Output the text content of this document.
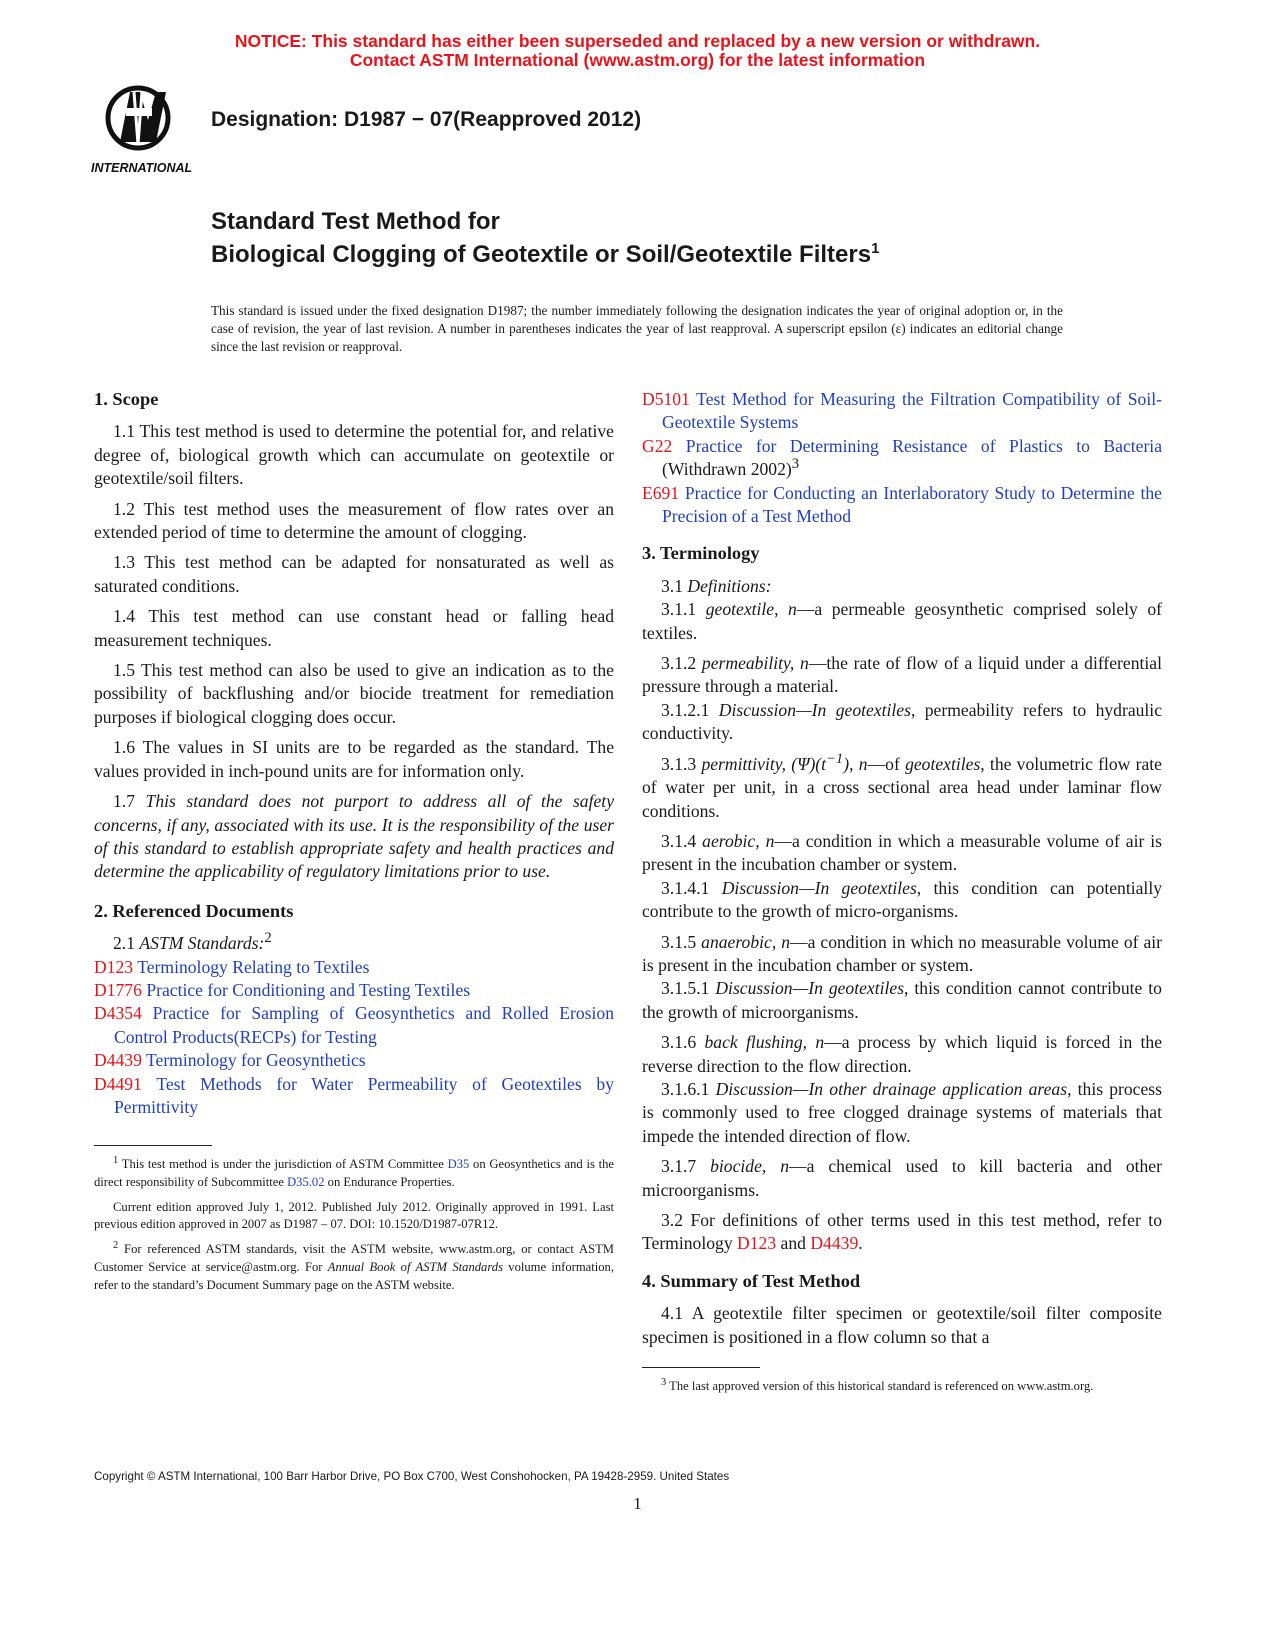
NOTICE: This standard has either been superseded and replaced by a new version or withdrawn.
Contact ASTM International (www.astm.org) for the latest information
INTERNATIONAL
Designation: D1987 − 07(Reapproved 2012)
Standard Test Method for
Biological Clogging of Geotextile or Soil/Geotextile Filters$^1$
This standard is issued under the fixed designation D1987; the number immediately following the designation indicates the year of original adoption or, in the case of revision, the year of last revision. A number in parentheses indicates the year of last reapproval. A superscript epsilon (ε) indicates an editorial change since the last revision or reapproval.
1. Scope

1.1 This test method is used to determine the potential for, and relative degree of, biological growth which can accumulate on geotextile or geotextile/soil filters.

1.2 This test method uses the measurement of flow rates over an extended period of time to determine the amount of clogging.

1.3 This test method can be adapted for nonsaturated as well as saturated conditions.

1.4 This test method can use constant head or falling head measurement techniques.

1.5 This test method can also be used to give an indication as to the possibility of backflushing and/or biocide treatment for remediation purposes if biological clogging does occur.

1.6 The values in SI units are to be regarded as the standard. The values provided in inch-pound units are for information only.

1.7 This standard does not purport to address all of the safety concerns, if any, associated with its use. It is the responsibility of the user of this standard to establish appropriate safety and health practices and determine the applicability of regulatory limitations prior to use.

2. Referenced Documents

2.1 ASTM Standards:$^2$

D123 Terminology Relating to Textiles
D1776 Practice for Conditioning and Testing Textiles
D4354 Practice for Sampling of Geosynthetics and Rolled Erosion Control Products(RECPs) for Testing
D4439 Terminology for Geosynthetics
D4491 Test Methods for Water Permeability of Geotextiles by Permittivity

$^1$ This test method is under the jurisdiction of ASTM Committee D35 on Geosynthetics and is the direct responsibility of Subcommittee D35.02 on Endurance Properties.

Current edition approved July 1, 2012. Published July 2012. Originally approved in 1991. Last previous edition approved in 2007 as D1987 – 07. DOI: 10.1520/D1987-07R12.

$^2$ For referenced ASTM standards, visit the ASTM website, www.astm.org, or contact ASTM Customer Service at service@astm.org. For Annual Book of ASTM Standards volume information, refer to the standard’s Document Summary page on the ASTM website.

D5101 Test Method for Measuring the Filtration Compatibility of Soil-Geotextile Systems
G22 Practice for Determining Resistance of Plastics to Bacteria (Withdrawn 2002)$^3$
E691 Practice for Conducting an Interlaboratory Study to Determine the Precision of a Test Method
3. Terminology

3.1 Definitions:

3.1.1 geotextile, n—a permeable geosynthetic comprised solely of textiles.

3.1.2 permeability, n—the rate of flow of a liquid under a differential pressure through a material.

3.1.2.1 Discussion—In geotextiles, permeability refers to hydraulic conductivity.

3.1.3 permittivity, $(\Psi)(t^{-1})$, n—of geotextiles, the volumetric flow rate of water per unit, in a cross sectional area head under laminar flow conditions.

3.1.4 aerobic, n—a condition in which a measurable volume of air is present in the incubation chamber or system.

3.1.4.1 Discussion—In geotextiles, this condition can potentially contribute to the growth of micro-organisms.

3.1.5 anaerobic, n—a condition in which no measurable volume of air is present in the incubation chamber or system.

3.1.5.1 Discussion—In geotextiles, this condition cannot contribute to the growth of microorganisms.

3.1.6 back flushing, n—a process by which liquid is forced in the reverse direction to the flow direction.

3.1.6.1 Discussion—In other drainage application areas, this process is commonly used to free clogged drainage systems of materials that impede the intended direction of flow.

3.1.7 biocide, n—a chemical used to kill bacteria and other microorganisms.

3.2 For definitions of other terms used in this test method, refer to Terminology D123 and D4439.

4. Summary of Test Method

4.1 A geotextile filter specimen or geotextile/soil filter composite specimen is positioned in a flow column so that a

$^3$ The last approved version of this historical standard is referenced on www.astm.org.

Copyright © ASTM International, 100 Barr Harbor Drive, PO Box C700, West Conshohocken, PA 19428-2959. United States
1
